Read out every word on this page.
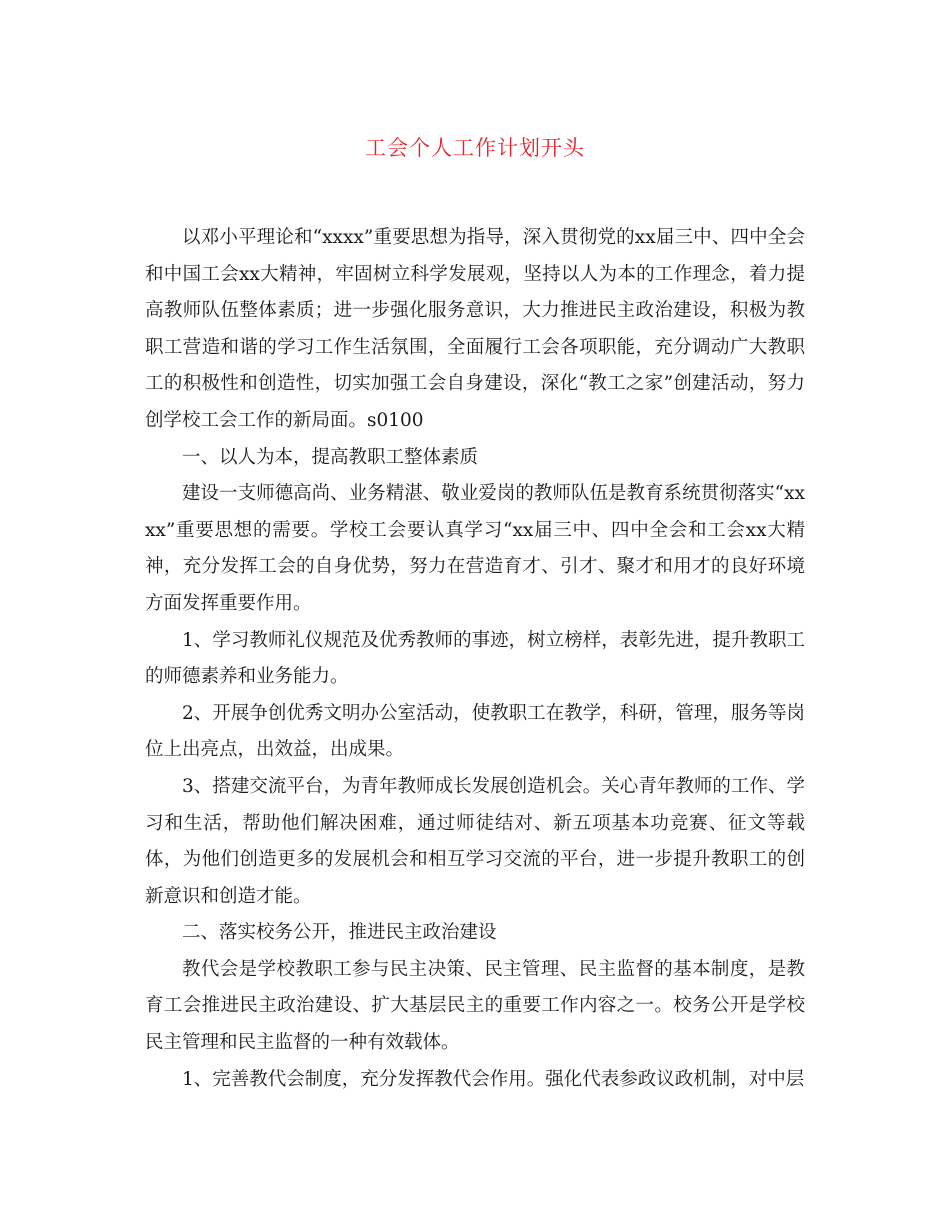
工会个人工作计划开头

以邓小平理论和“xxxx”重要思想为指导，深入贯彻党的xx届三中、四中全会和中国工会xx大精神，牢固树立科学发展观，坚持以人为本的工作理念，着力提高教师队伍整体素质；进一步强化服务意识，大力推进民主政治建设，积极为教职工营造和谐的学习工作生活氛围，全面履行工会各项职能，充分调动广大教职工的积极性和创造性，切实加强工会自身建设，深化“教工之家”创建活动，努力创学校工会工作的新局面。s0100

一、以人为本，提高教职工整体素质

建设一支师德高尚、业务精湛、敬业爱岗的教师队伍是教育系统贯彻落实“xxxx”重要思想的需要。学校工会要认真学习“xx届三中、四中全会和工会xx大精神，充分发挥工会的自身优势，努力在营造育才、引才、聚才和用才的良好环境方面发挥重要作用。

1、学习教师礼仪规范及优秀教师的事迹，树立榜样，表彰先进，提升教职工的师德素养和业务能力。

2、开展争创优秀文明办公室活动，使教职工在教学，科研，管理，服务等岗位上出亮点，出效益，出成果。

3、搭建交流平台，为青年教师成长发展创造机会。关心青年教师的工作、学习和生活，帮助他们解决困难，通过师徒结对、新五项基本功竞赛、征文等载体，为他们创造更多的发展机会和相互学习交流的平台，进一步提升教职工的创新意识和创造才能。

二、落实校务公开，推进民主政治建设

教代会是学校教职工参与民主决策、民主管理、民主监督的基本制度，是教育工会推进民主政治建设、扩大基层民主的重要工作内容之一。校务公开是学校民主管理和民主监督的一种有效载体。

1、完善教代会制度，充分发挥教代会作用。强化代表参政议政机制，对中层
